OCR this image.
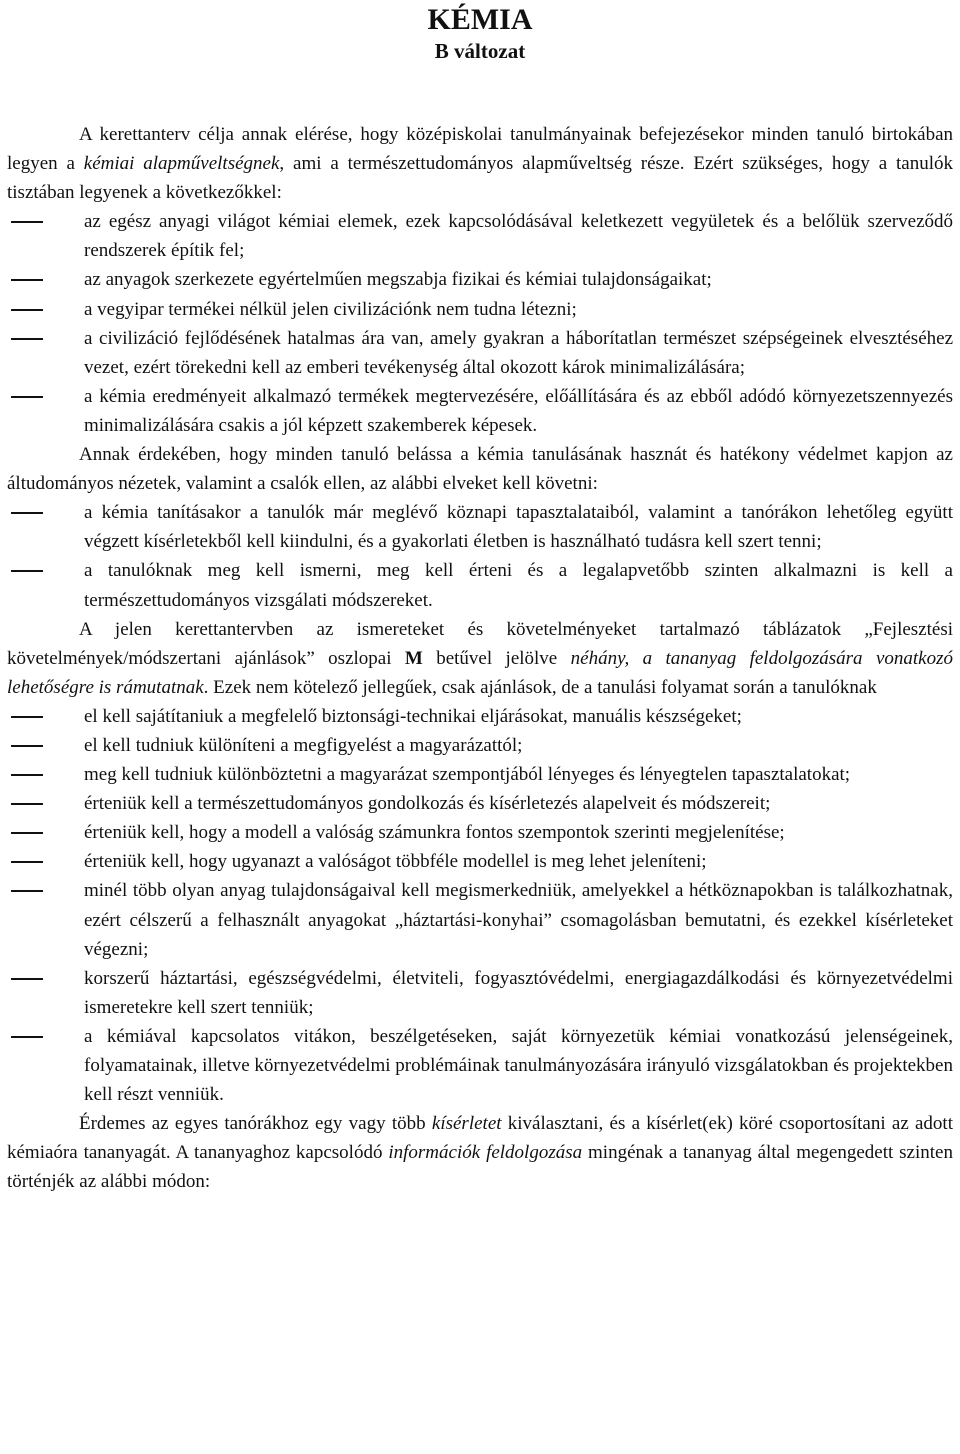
KÉMIA
B változat

A kerettanterv célja annak elérése, hogy középiskolai tanulmányainak befejezésekor minden tanuló birtokában legyen a kémiai alapműveltségnek, ami a természettudományos alapműveltség része. Ezért szükséges, hogy a tanulók tisztában legyenek a következőkkel:

az egész anyagi világot kémiai elemek, ezek kapcsolódásával keletkezett vegyületek és a belőlük szerveződő rendszerek építik fel;
az anyagok szerkezete egyértelműen megszabja fizikai és kémiai tulajdonságaikat;
a vegyipar termékei nélkül jelen civilizációnk nem tudna létezni;
a civilizáció fejlődésének hatalmas ára van, amely gyakran a háborítatlan természet szépségeinek elvesztéséhez vezet, ezért törekedni kell az emberi tevékenység által okozott károk minimalizálására;
a kémia eredményeit alkalmazó termékek megtervezésére, előállítására és az ebből adódó környezetszennyezés minimalizálására csakis a jól képzett szakemberek képesek.

Annak érdekében, hogy minden tanuló belássa a kémia tanulásának hasznát és hatékony védelmet kapjon az áltudományos nézetek, valamint a csalók ellen, az alábbi elveket kell követni:

a kémia tanításakor a tanulók már meglévő köznapi tapasztalataiból, valamint a tanórákon lehetőleg együtt végzett kísérletekből kell kiindulni, és a gyakorlati életben is használható tudásra kell szert tenni;
a tanulóknak meg kell ismerni, meg kell érteni és a legalapvetőbb szinten alkalmazni is kell a természettudományos vizsgálati módszereket.

A jelen kerettantervben az ismereteket és követelményeket tartalmazó táblázatok „Fejlesztési követelmények/módszertani ajánlások” oszlopai M betűvel jelölve néhány, a tananyag feldolgozására vonatkozó lehetőségre is rámutatnak. Ezek nem kötelező jellegűek, csak ajánlások, de a tanulási folyamat során a tanulóknak

el kell sajátítaniuk a megfelelő biztonsági-technikai eljárásokat, manuális készségeket;
el kell tudniuk különíteni a megfigyelést a magyarázattól;
meg kell tudniuk különböztetni a magyarázat szempontjából lényeges és lényegtelen tapasztalatokat;
érteniük kell a természettudományos gondolkozás és kísérletezés alapelveit és módszereit;
érteniük kell, hogy a modell a valóság számunkra fontos szempontok szerinti megjelenítése;
érteniük kell, hogy ugyanazt a valóságot többféle modellel is meg lehet jeleníteni;
minél több olyan anyag tulajdonságaival kell megismerkedniük, amelyekkel a hétköznapokban is találkozhatnak, ezért célszerű a felhasznált anyagokat „háztartási-konyhai” csomagolásban bemutatni, és ezekkel kísérleteket végezni;
korszerű háztartási, egészségvédelmi, életviteli, fogyasztóvédelmi, energiagazdálkodási és környezetvédelmi ismeretekre kell szert tenniük;
a kémiával kapcsolatos vitákon, beszélgetéseken, saját környezetük kémiai vonatkozású jelenségeinek, folyamatainak, illetve környezetvédelmi problémáinak tanulmányozására irányuló vizsgálatokban és projektekben kell részt venniük.

Érdemes az egyes tanórákhoz egy vagy több kísérletet kiválasztani, és a kísérlet(ek) köré csoportosítani az adott kémiaóra tananyagát. A tananyaghoz kapcsolódó információk feldolgozása mingénak a tananyag által megengedett szinten történjék az alábbi módon:
